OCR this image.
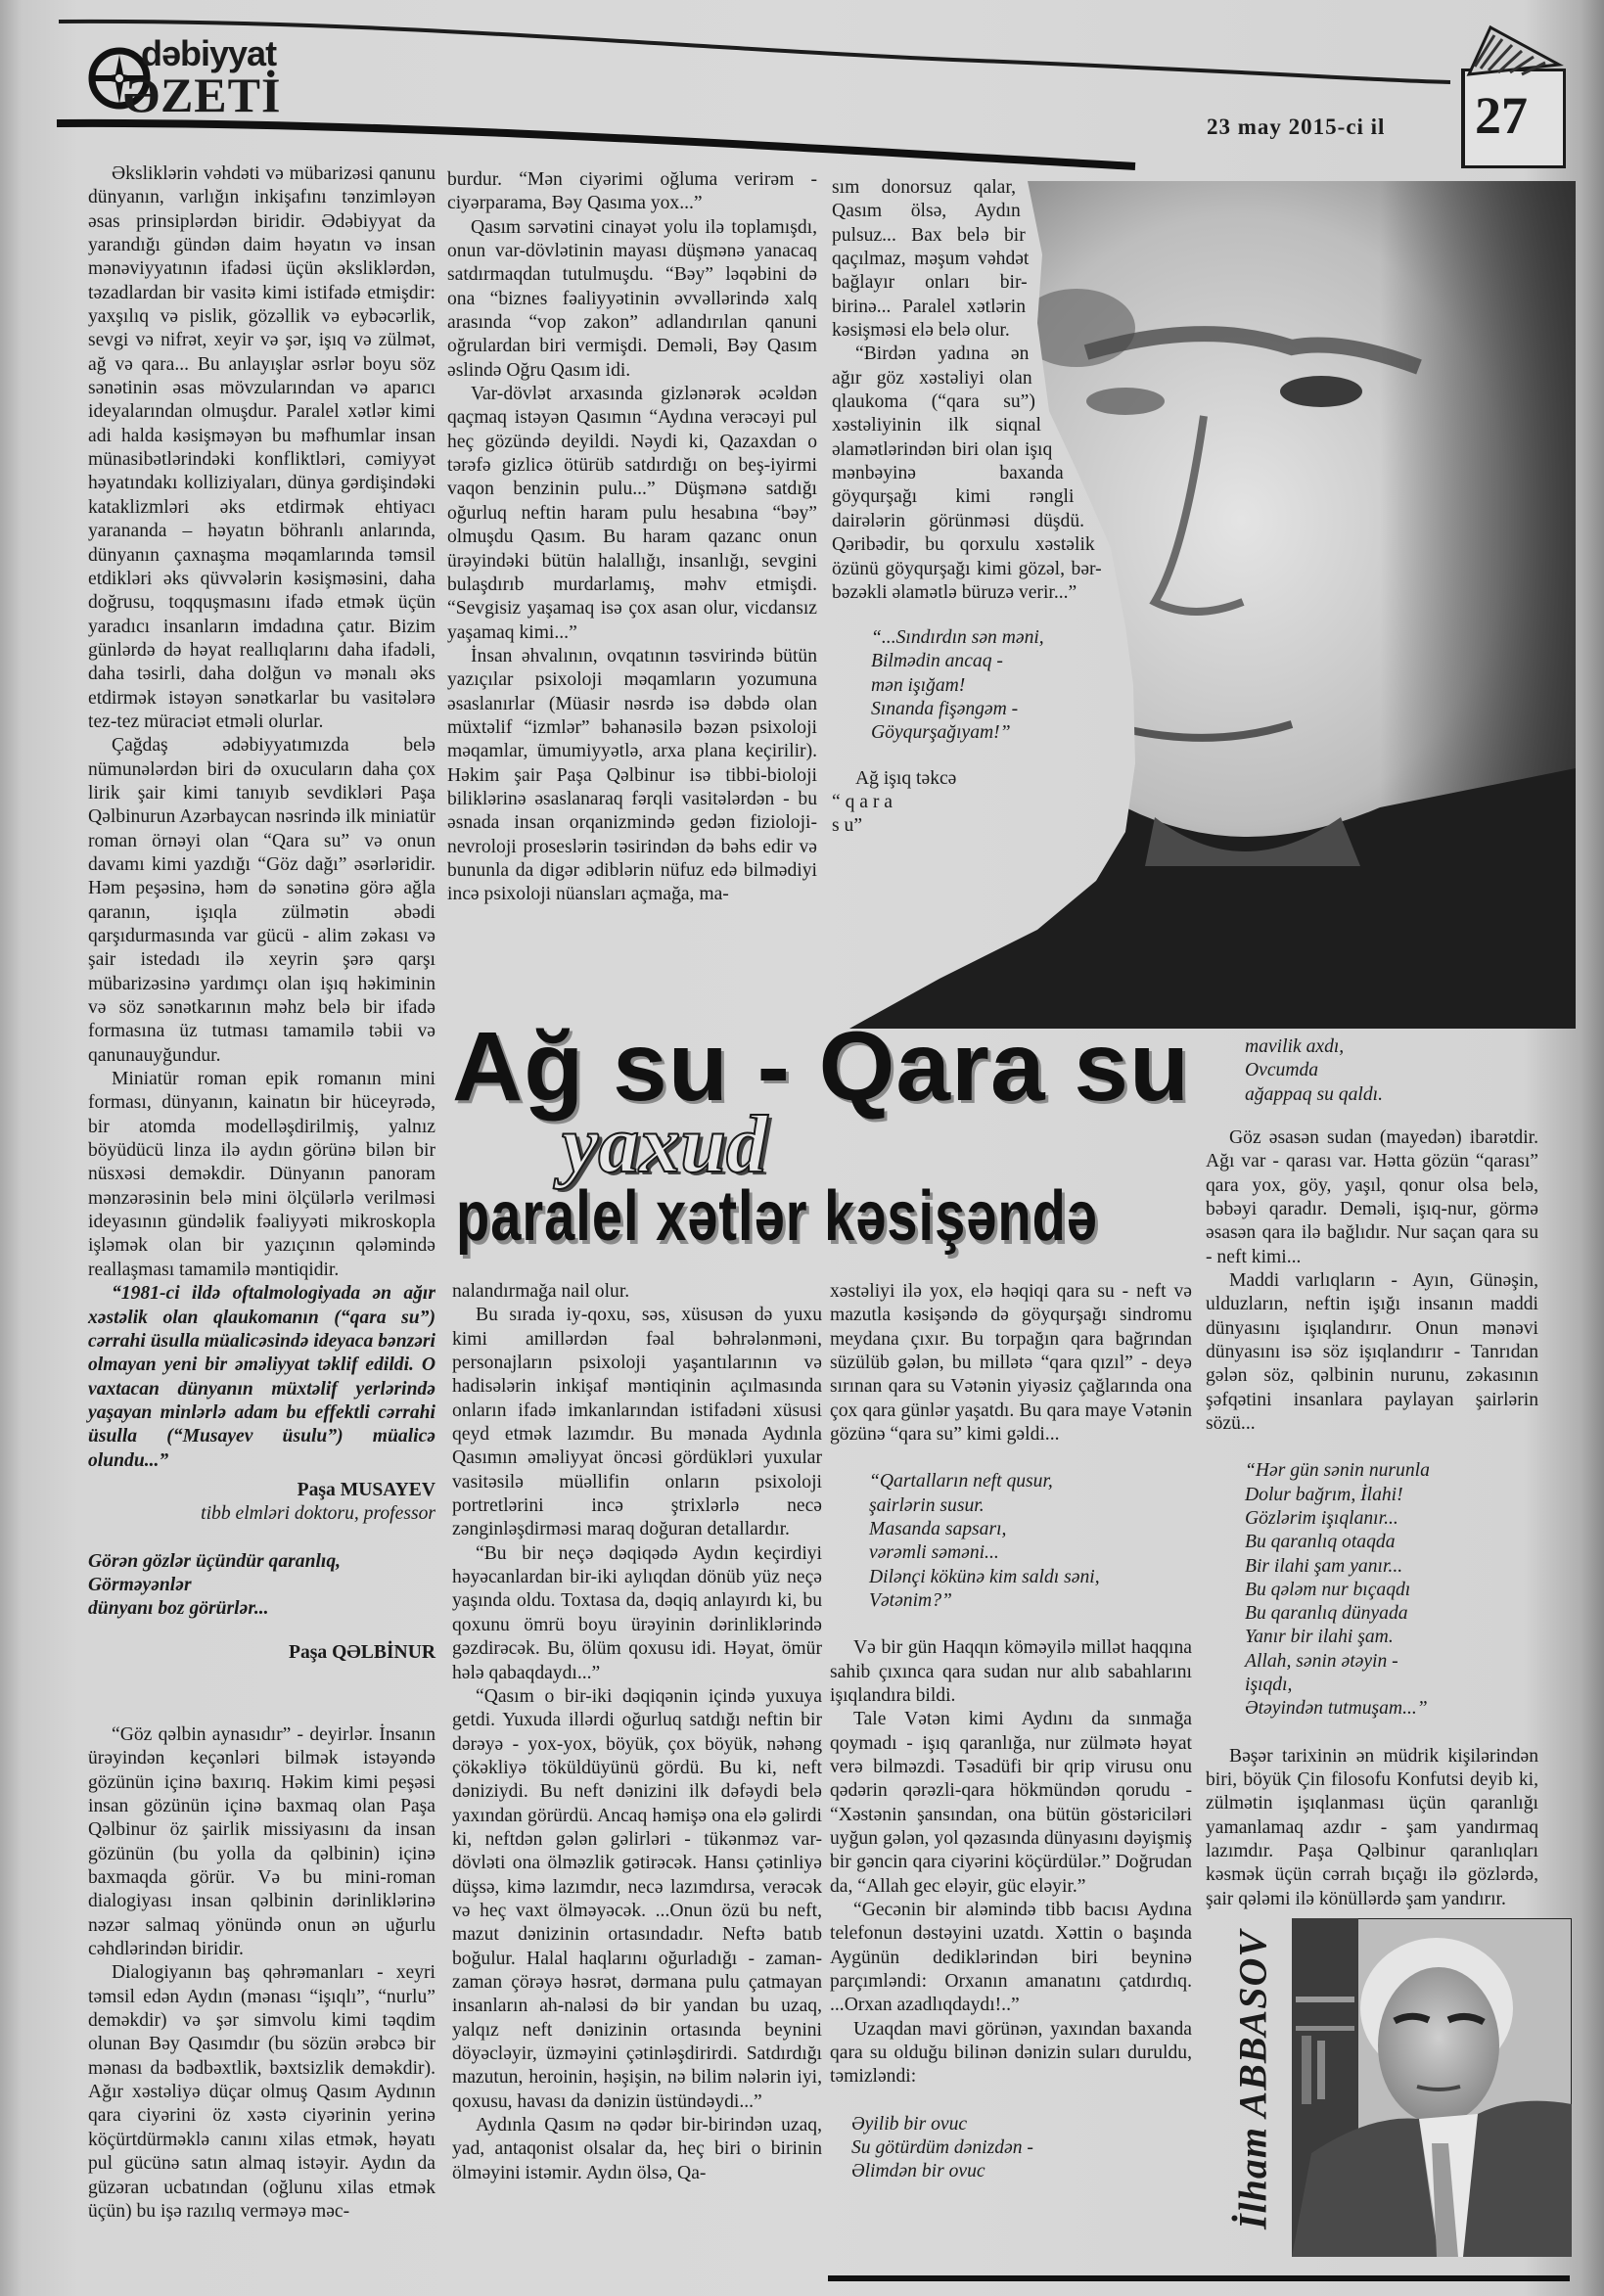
dəbiyyat
ƏZETİ
23 may 2015-ci il 27

Əksliklərin vəhdəti və mübarizəsi qanunu dünyanın, varlığın inkişafını tənzimləyən əsas prinsiplərdən biridir. Ədəbiyyat da yarandığı gündən daim həyatın və insan mənəviyyatının ifadəsi üçün əksliklərdən, təzadlardan bir vasitə kimi istifadə etmişdir: yaxşılıq və pislik, gözəllik və eybəcərlik, sevgi və nifrət, xeyir və şər, işıq və zülmət, ağ və qara... Bu anlayışlar əsrlər boyu söz sənətinin əsas mövzularından və aparıcı ideyalarından olmuşdur. Paralel xətlər kimi adi halda kəsişməyən bu məfhumlar insan münasibətlərindəki konfliktləri, cəmiyyət həyatındakı kolliziyaları, dünya gərdişindəki kataklizmləri əks etdirmək ehtiyacı yarananda – həyatın böhranlı anlarında, dünyanın çaxnaşma məqamlarında təmsil etdikləri əks qüvvələrin kəsişməsini, daha doğrusu, toqquşmasını ifadə etmək üçün yaradıcı insanların imdadına çatır. Bizim günlərdə də həyat reallıqlarını daha ifadəli, daha təsirli, daha dolğun və mənalı əks etdirmək istəyən sənətkarlar bu vasitələrə tez-tez müraciət etməli olurlar.

Çağdaş ədəbiyyatımızda belə nümunələrdən biri də oxucuların daha çox lirik şair kimi tanıyıb sevdikləri Paşa Qəlbinurun Azərbaycan nəsrində ilk miniatür roman örnəyi olan “Qara su” və onun davamı kimi yazdığı “Göz dağı” əsərləridir. Həm peşəsinə, həm də sənətinə görə ağla qaranın, işıqla zülmətin əbədi qarşıdurmasında var gücü - alim zəkası və şair istedadı ilə xeyrin şərə qarşı mübarizəsinə yardımçı olan işıq həkiminin və söz sənətkarının məhz belə bir ifadə formasına üz tutması tamamilə təbii və qanunauyğundur.

Miniatür roman epik romanın mini forması, dünyanın, kainatın bir hüceyrədə, bir atomda modelləşdirilmiş, yalnız böyüdücü linza ilə aydın görünə bilən bir nüsxəsi deməkdir. Dünyanın panoram mənzərəsinin belə mini ölçülərlə verilməsi ideyasının gündəlik fəaliyyəti mikroskopla işləmək olan bir yazıçının qələmində reallaşması tamamilə məntiqidir.

“1981-ci ildə oftalmologiyada ən ağır xəstəlik olan qlaukomanın (“qara su”) cərrahi üsulla müalicəsində ideyaca bənzəri olmayan yeni bir əməliyyat təklif edildi. O vaxtacan dünyanın müxtəlif yerlərində yaşayan minlərlə adam bu effektli cərrahi üsulla (“Musayev üsulu”) müalicə olundu...”

Paşa MUSAYEV
tibb elmləri doktoru, professor
Görən gözlər üçündür qaranlıq,
Görməyənlər
dünyanı boz görürlər...
Paşa QƏLBİNUR

“Göz qəlbin aynasıdır” - deyirlər. İnsanın ürəyindən keçənləri bilmək istəyəndə gözünün içinə baxırıq. Həkim kimi peşəsi insan gözünün içinə baxmaq olan Paşa Qəlbinur öz şairlik missiyasını da insan gözünün (bu yolla da qəlbinin) içinə baxmaqda görür. Və bu mini-roman dialogiyası insan qəlbinin dərinliklərinə nəzər salmaq yönündə onun ən uğurlu cəhdlərindən biridir.

Dialogiyanın baş qəhrəmanları - xeyri təmsil edən Aydın (mənası “işıqlı”, “nurlu” deməkdir) və şər simvolu kimi təqdim olunan Bəy Qasımdır (bu sözün ərəbcə bir mənası da bədbəxtlik, bəxtsizlik deməkdir). Ağır xəstəliyə düçar olmuş Qasım Aydının qara ciyərini öz xəstə ciyərinin yerinə köçürtdürməklə canını xilas etmək, həyatı pul gücünə satın almaq istəyir. Aydın da güzəran ucbatından (oğlunu xilas etmək üçün) bu işə razılıq verməyə məc-

burdur. “Mən ciyərimi oğluma verirəm - ciyərparama, Bəy Qasıma yox...”

Qasım sərvətini cinayət yolu ilə toplamışdı, onun var-dövlətinin mayası düşmənə yanacaq satdırmaqdan tutulmuşdu. “Bəy” ləqəbini də ona “biznes fəaliyyətinin əvvəllərində xalq arasında “vop zakon” adlandırılan qanuni oğrulardan biri vermişdi. Deməli, Bəy Qasım əslində Oğru Qasım idi.

Var-dövlət arxasında gizlənərək əcəldən qaçmaq istəyən Qasımın “Aydına verəcəyi pul heç gözündə deyildi. Nəydi ki, Qazaxdan o tərəfə gizlicə ötürüb satdırdığı on beş-iyirmi vaqon benzinin pulu...” Düşmənə satdığı oğurluq neftin haram pulu hesabına “bəy” olmuşdu Qasım. Bu haram qazanc onun ürəyindəki bütün halallığı, insanlığı, sevgini bulaşdırıb murdarlamış, məhv etmişdi. “Sevgisiz yaşamaq isə çox asan olur, vicdansız yaşamaq kimi...”

İnsan əhvalının, ovqatının təsvirində bütün yazıçılar psixoloji məqamların yozumuna əsaslanırlar (Müasir nəsrdə isə dəbdə olan müxtəlif “izmlər” bəhanəsilə bəzən psixoloji məqamlar, ümumiyyətlə, arxa plana keçirilir). Həkim şair Paşa Qəlbinur isə tibbi-bioloji biliklərinə əsaslanaraq fərqli vasitələrdən - bu əsnada insan orqanizmində gedən fizioloji-nevroloji proseslərin təsirindən də bəhs edir və bununla da digər ədiblərin nüfuz edə bilmədiyi incə psixoloji nüansları açmağa, ma-

sım donorsuz qalar, Qasım ölsə, Aydın pulsuz... Bax belə bir qaçılmaz, məşum vəhdət bağlayır onları bir-birinə... Paralel xətlərin kəsişməsi elə belə olur.

“Birdən yadına ən ağır göz xəstəliyi olan qlaukoma (“qara su”) xəstəliyinin ilk siqnal əlamətlərindən biri olan işıq mənbəyinə baxanda göyqurşağı kimi rəngli dairələrin görünməsi düşdü. Qəribədir, bu qorxulu xəstəlik özünü göyqurşağı kimi gözəl, bər-bəzəkli əlamətlə büruzə verir...”

“...Sındırdın sən məni,
Bilmədin ancaq -
mən işığam!
Sınanda fişəngəm -
Göyqurşağıyam!”
Ağ işıq təkcə
“ q a r a
s u”
Ağ su - Qara su
yaxud
paralel xətlər kəsişəndə

nalandırmağa nail olur.

Bu sırada iy-qoxu, səs, xüsusən də yuxu kimi amillərdən fəal bəhrələnməni, personajların psixoloji yaşantılarının və hadisələrin inkişaf məntiqinin açılmasında onların ifadə imkanlarından istifadəni xüsusi qeyd etmək lazımdır. Bu mənada Aydınla Qasımın əməliyyat öncəsi gördükləri yuxular vasitəsilə müəllifin onların psixoloji portretlərini incə ştrixlərlə necə zənginləşdirməsi maraq doğuran detallardır.

“Bu bir neçə dəqiqədə Aydın keçirdiyi həyəcanlardan bir-iki aylıqdan dönüb yüz neçə yaşında oldu. Toxtasa da, dəqiq anlayırdı ki, bu qoxunu ömrü boyu ürəyinin dərinliklərində gəzdirəcək. Bu, ölüm qoxusu idi. Həyat, ömür hələ qabaqdaydı...”

“Qasım o bir-iki dəqiqənin içində yuxuya getdi. Yuxuda illərdi oğurluq satdığı neftin bir dərəyə - yox-yox, böyük, çox böyük, nəhəng çökəkliyə töküldüyünü gördü. Bu ki, neft dəniziydi. Bu neft dənizini ilk dəfəydi belə yaxından görürdü. Ancaq həmişə ona elə gəlirdi ki, neftdən gələn gəlirləri - tükənməz var-dövləti ona ölməzlik gətirəcək. Hansı çətinliyə düşsə, kimə lazımdır, necə lazımdırsa, verəcək və heç vaxt ölməyəcək. ...Onun özü bu neft, mazut dənizinin ortasındadır. Neftə batıb boğulur. Halal haqlarını oğurladığı - zaman-zaman çörəyə həsrət, dərmana pulu çatmayan insanların ah-naləsi də bir yandan bu uzaq, yalqız neft dənizinin ortasında beynini döyəcləyir, üzməyini çətinləşdirirdi. Satdırdığı mazutun, heroinin, həşişin, nə bilim nələrin iyi, qoxusu, havası da dənizin üstündəydi...”

Aydınla Qasım nə qədər bir-birindən uzaq, yad, antaqonist olsalar da, heç biri o birinin ölməyini istəmir. Aydın ölsə, Qa-

xəstəliyi ilə yox, elə həqiqi qara su - neft və mazutla kəsişəndə də göyqurşağı sindromu meydana çıxır. Bu torpağın qara bağrından süzülüb gələn, bu millətə “qara qızıl” - deyə sırınan qara su Vətənin yiyəsiz çağlarında ona çox qara günlər yaşatdı. Bu qara maye Vətənin gözünə “qara su” kimi gəldi...

“Qartalların neft qusur,
şairlərin susur.
Masanda sapsarı,
vərəmli səməni...
Dilənçi kökünə kim saldı səni,
Vətənim?”

Və bir gün Haqqın köməyilə millət haqqına sahib çıxınca qara sudan nur alıb sabahlarını işıqlandıra bildi.

Tale Vətən kimi Aydını da sınmağa qoymadı - işıq qaranlığa, nur zülmətə həyat verə bilməzdi. Təsadüfi bir qrip virusu onu qədərin qərəzli-qara hökmündən qorudu - “Xəstənin şansından, ona bütün göstəriciləri uyğun gələn, yol qəzasında dünyasını dəyişmiş bir gəncin qara ciyərini köçürdülər.” Doğrudan da, “Allah gec eləyir, güc eləyir.”

“Gecənin bir aləmində tibb bacısı Aydına telefonun dəstəyini uzatdı. Xəttin o başında Aygünün dediklərindən biri beyninə parçımləndi: Orxanın amanatını çatdırdıq. ...Orxan azadlıqdaydı!..”

Uzaqdan mavi görünən, yaxından baxanda qara su olduğu bilinən dənizin suları duruldu, təmizləndi:

Əyilib bir ovuc
Su götürdüm dənizdən -
Əlimdən bir ovuc
mavilik axdı,
Ovcumda
ağappaq su qaldı.

Göz əsasən sudan (mayedən) ibarətdir. Ağı var - qarası var. Hətta gözün “qarası” qara yox, göy, yaşıl, qonur olsa belə, bəbəyi qaradır. Deməli, işıq-nur, görmə əsasən qara ilə bağlıdır. Nur saçan qara su - neft kimi...

Maddi varlıqların - Ayın, Günəşin, ulduzların, neftin işığı insanın maddi dünyasını işıqlandırır. Onun mənəvi dünyasını isə söz işıqlandırır - Tanrıdan gələn söz, qəlbinin nurunu, zəkasının şəfqətini insanlara paylayan şairlərin sözü...

“Hər gün sənin nurunla
Dolur bağrım, İlahi!
Gözlərim işıqlanır...
Bu qaranlıq otaqda
Bir ilahi şam yanır...
Bu qələm nur bıçaqdı
Bu qaranlıq dünyada
Yanır bir ilahi şam.
Allah, sənin ətəyin -
işıqdı,
Ətəyindən tutmuşam...”

Bəşər tarixinin ən müdrik kişilərindən biri, böyük Çin filosofu Konfutsi deyib ki, zülmətin işıqlanması üçün qaranlığı yamanlamaq azdır - şam yandırmaq lazımdır. Paşa Qəlbinur qaranlıqları kəsmək üçün cərrah bıçağı ilə gözlərdə, şair qələmi ilə könüllərdə şam yandırır.

İlham ABBASOV
